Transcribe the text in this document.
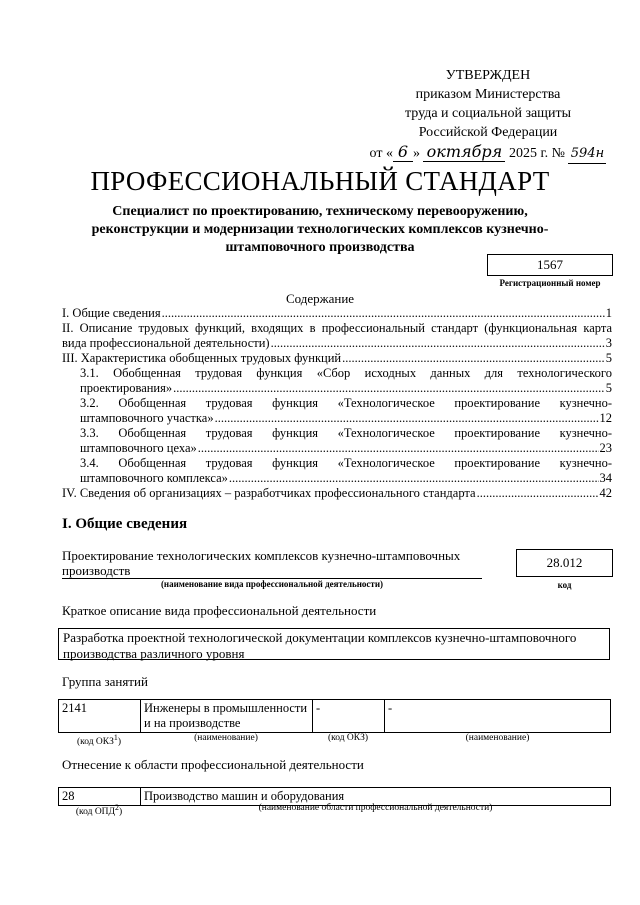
УТВЕРЖДЕН
приказом Министерства
труда и социальной защиты
Российской Федерации
от « 6 » октября 2025 г. № 594н
ПРОФЕССИОНАЛЬНЫЙ СТАНДАРТ
Специалист по проектированию, техническому перевооружению, реконструкции и модернизации технологических комплексов кузнечно-штамповочного производства
1567
Регистрационный номер
Содержание
I. Общие сведения .....	1
II. Описание трудовых функций, входящих в профессиональный стандарт (функциональная карта
вида профессиональной деятельности) .....	3
III. Характеристика обобщенных трудовых функций .....	5
3.1. Обобщенная трудовая функция «Сбор исходных данных для технологического
проектирования» .....	5
3.2. Обобщенная трудовая функция «Технологическое проектирование кузнечно-
штамповочного участка» .....	12
3.3. Обобщенная трудовая функция «Технологическое проектирование кузнечно-
штамповочного цеха» .....	23
3.4. Обобщенная трудовая функция «Технологическое проектирование кузнечно-
штамповочного комплекса» .....	34
IV. Сведения об организациях – разработчиках профессионального стандарта .....	42
I. Общие сведения
Проектирование технологических комплексов кузнечно-штамповочных производств
(наименование вида профессиональной деятельности)
28.012
код
Краткое описание вида профессиональной деятельности
Разработка проектной технологической документации комплексов кузнечно-штамповочного производства различного уровня
Группа занятий
2141	Инженеры в промышленности и на производстве	-	-
(код ОКЗ$^1$)	(наименование)	(код ОКЗ)	(наименование)
Отнесение к области профессиональной деятельности
28	Производство машин и оборудования
(код ОПД$^2$)	(наименование области профессиональной деятельности)
